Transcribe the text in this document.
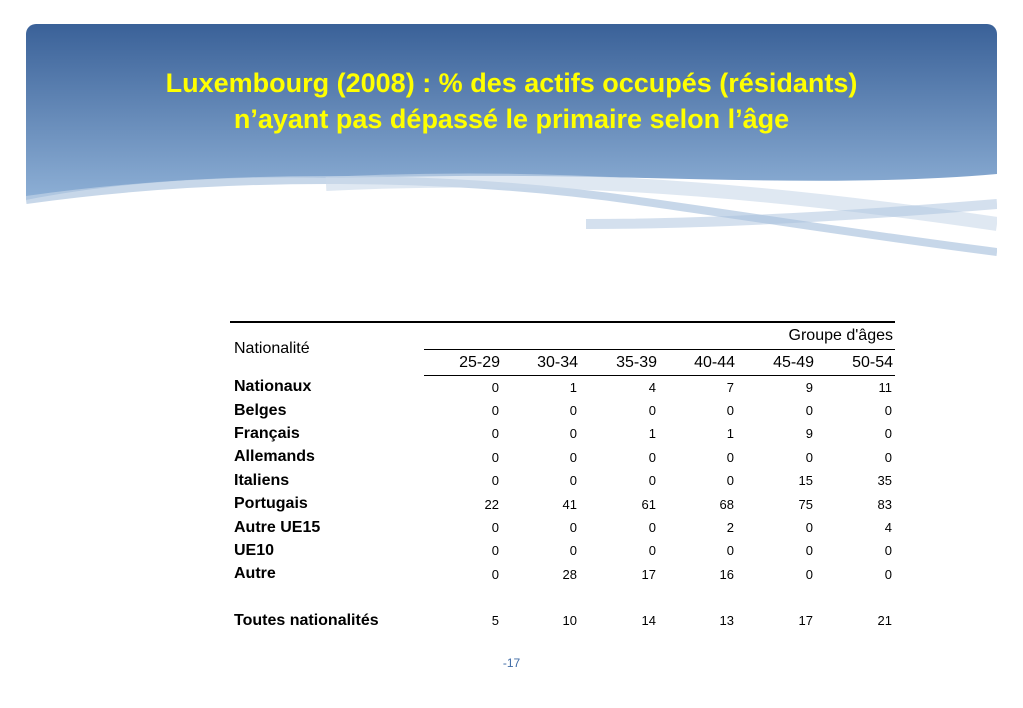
Luxembourg (2008) : % des actifs occupés (résidants)
n’ayant pas dépassé le primaire selon l’âge
Nationalité	Groupe d'âges					
	25-29	30-34	35-39	40-44	45-49	50-54
Nationaux	0	1	4	7	9	11
Belges	0	0	0	0	0	0
Français	0	0	1	1	9	0
Allemands	0	0	0	0	0	0
Italiens	0	0	0	0	15	35
Portugais	22	41	61	68	75	83
Autre UE15	0	0	0	2	0	4
UE10	0	0	0	0	0	0
Autre	0	28	17	16	0	0

Toutes nationalités	5	10	14	13	17	21
-17
